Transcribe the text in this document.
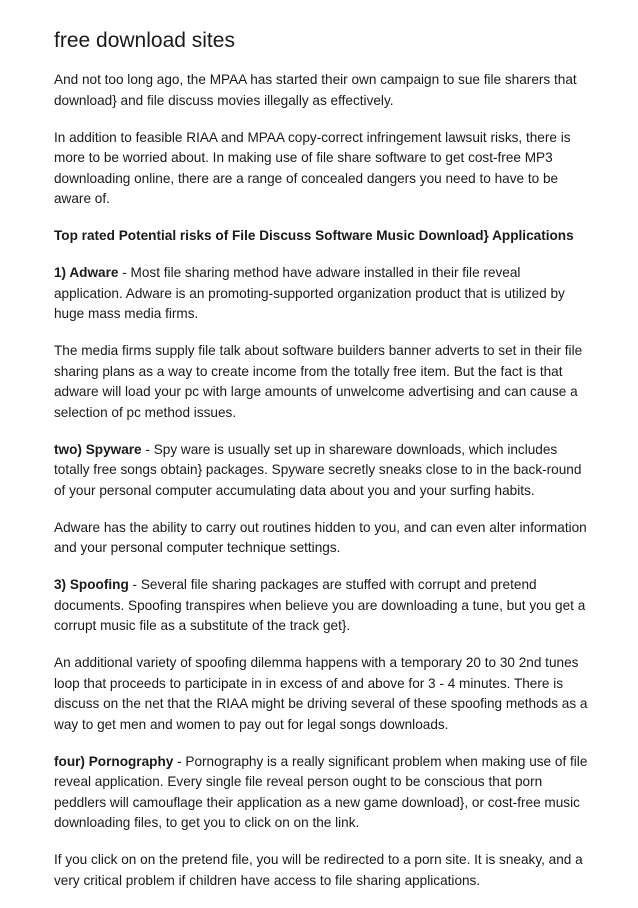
free download sites

And not too long ago, the MPAA has started their own campaign to sue file sharers that download} and file discuss movies illegally as effectively.

In addition to feasible RIAA and MPAA copy-correct infringement lawsuit risks, there is more to be worried about. In making use of file share software to get cost-free MP3 downloading online, there are a range of concealed dangers you need to have to be aware of.

Top rated Potential risks of File Discuss Software Music Download} Applications

1) Adware - Most file sharing method have adware installed in their file reveal application. Adware is an promoting-supported organization product that is utilized by huge mass media firms.

The media firms supply file talk about software builders banner adverts to set in their file sharing plans as a way to create income from the totally free item. But the fact is that adware will load your pc with large amounts of unwelcome advertising and can cause a selection of pc method issues.

two) Spyware - Spy ware is usually set up in shareware downloads, which includes totally free songs obtain} packages. Spyware secretly sneaks close to in the back-round of your personal computer accumulating data about you and your surfing habits.

Adware has the ability to carry out routines hidden to you, and can even alter information and your personal computer technique settings.

3) Spoofing - Several file sharing packages are stuffed with corrupt and pretend documents. Spoofing transpires when believe you are downloading a tune, but you get a corrupt music file as a substitute of the track get}.

An additional variety of spoofing dilemma happens with a temporary 20 to 30 2nd tunes loop that proceeds to participate in in excess of and above for 3 - 4 minutes. There is discuss on the net that the RIAA might be driving several of these spoofing methods as a way to get men and women to pay out for legal songs downloads.

four) Pornography - Pornography is a really significant problem when making use of file reveal application. Every single file reveal person ought to be conscious that porn peddlers will camouflage their application as a new game download}, or cost-free music downloading files, to get you to click on on the link.

If you click on on the pretend file, you will be redirected to a porn site. It is sneaky, and a very critical problem if children have access to file sharing applications.
